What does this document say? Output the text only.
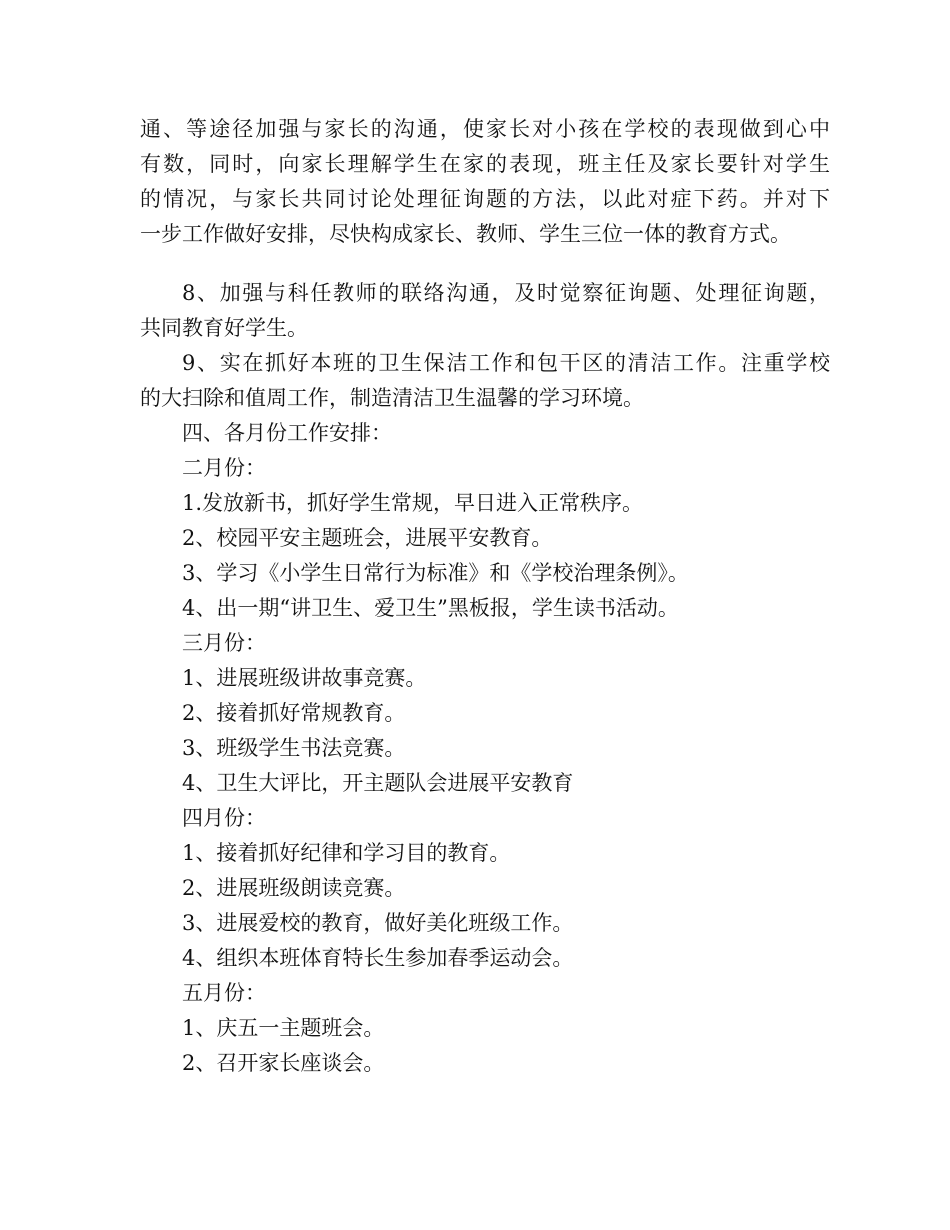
通、等途径加强与家长的沟通，使家长对小孩在学校的表现做到心中
有数，同时，向家长理解学生在家的表现，班主任及家长要针对学生
的情况，与家长共同讨论处理征询题的方法，以此对症下药。并对下
一步工作做好安排，尽快构成家长、教师、学生三位一体的教育方式。
8、加强与科任教师的联络沟通，及时觉察征询题、处理征询题，
共同教育好学生。
9、实在抓好本班的卫生保洁工作和包干区的清洁工作。注重学校
的大扫除和值周工作，制造清洁卫生温馨的学习环境。
四、各月份工作安排：
二月份：
1.发放新书，抓好学生常规，早日进入正常秩序。
2、校园平安主题班会，进展平安教育。
3、学习《小学生日常行为标准》和《学校治理条例》。
4、出一期“讲卫生、爱卫生”黑板报，学生读书活动。
三月份：
1、进展班级讲故事竞赛。
2、接着抓好常规教育。
3、班级学生书法竞赛。
4、卫生大评比，开主题队会进展平安教育
四月份：
1、接着抓好纪律和学习目的教育。
2、进展班级朗读竞赛。
3、进展爱校的教育，做好美化班级工作。
4、组织本班体育特长生参加春季运动会。
五月份：
1、庆五一主题班会。
2、召开家长座谈会。
